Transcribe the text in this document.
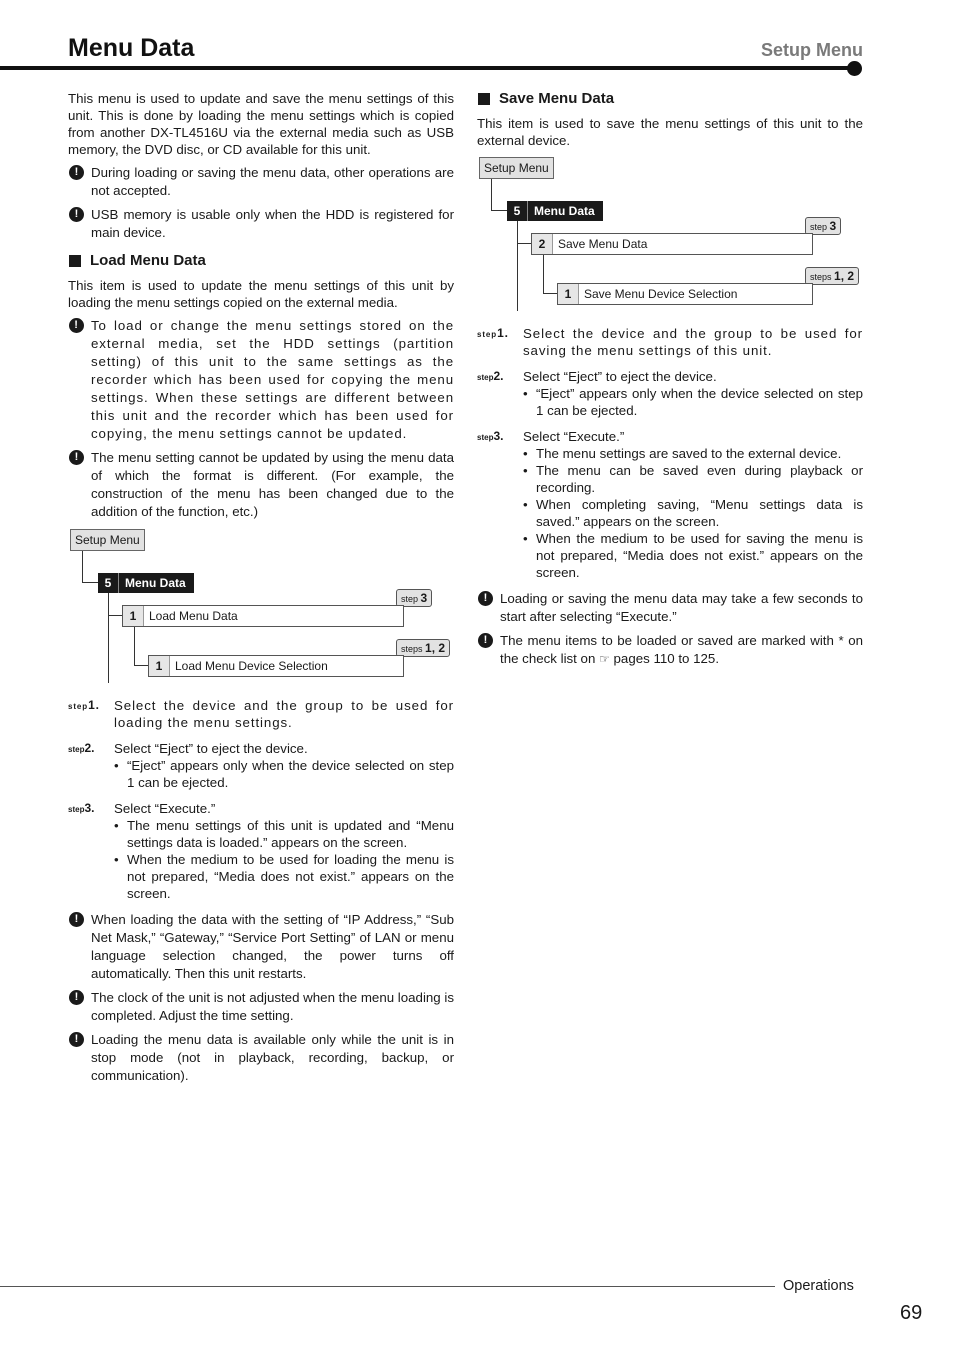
Menu Data	Setup Menu

This menu is used to update and save the menu settings of this unit. This is done by loading the menu settings which is copied from another DX-TL4516U via the external media such as USB memory, the DVD disc, or CD available for this unit.

! During loading or saving the menu data, other operations are not accepted.
! USB memory is usable only when the HDD is registered for main device.
Load Menu Data

This item is used to update the menu settings of this unit by loading the menu settings copied on the external media.

! To load or change the menu settings stored on the external media, set the HDD settings (partition setting) of this unit to the same settings as the recorder which has been used for copying the menu settings. When these settings are different between this unit and the recorder which has been used for copying, the menu settings cannot be updated.
! The menu setting cannot be updated by using the menu data of which the format is different. (For example, the construction of the menu has been changed due to the addition of the function, etc.)
Setup Menu
5 Menu Data
step 3
1 Load Menu Data
steps 1, 2
1 Load Menu Device Selection
step1. Select the device and the group to be used for loading the menu settings.
step2. Select “Eject” to eject the device.
• “Eject” appears only when the device selected on step 1 can be ejected.
step3. Select “Execute.”
• The menu settings of this unit is updated and “Menu settings data is loaded.” appears on the screen.
• When the medium to be used for loading the menu is not prepared, “Media does not exist.” appears on the screen.
! When loading the data with the setting of “IP Address,” “Sub Net Mask,” “Gateway,” “Service Port Setting” of LAN or menu language selection changed, the power turns off automatically. Then this unit restarts.
! The clock of the unit is not adjusted when the menu loading is completed. Adjust the time setting.
! Loading the menu data is available only while the unit is in stop mode (not in playback, recording, backup, or communication).
Save Menu Data

This item is used to save the menu settings of this unit to the external device.

Setup Menu
5 Menu Data
step 3
2 Save Menu Data
steps 1, 2
1 Save Menu Device Selection
step1. Select the device and the group to be used for saving the menu settings of this unit.
step2. Select “Eject” to eject the device.
• “Eject” appears only when the device selected on step 1 can be ejected.
step3. Select “Execute.”
• The menu settings are saved to the external device.
• The menu can be saved even during playback or recording.
• When completing saving, “Menu settings data is saved.” appears on the screen.
• When the medium to be used for saving the menu is not prepared, “Media does not exist.” appears on the screen.
! Loading or saving the menu data may take a few seconds to start after selecting “Execute.”
! The menu items to be loaded or saved are marked with * on the check list on ☞ pages 110 to 125.
Operations
69
